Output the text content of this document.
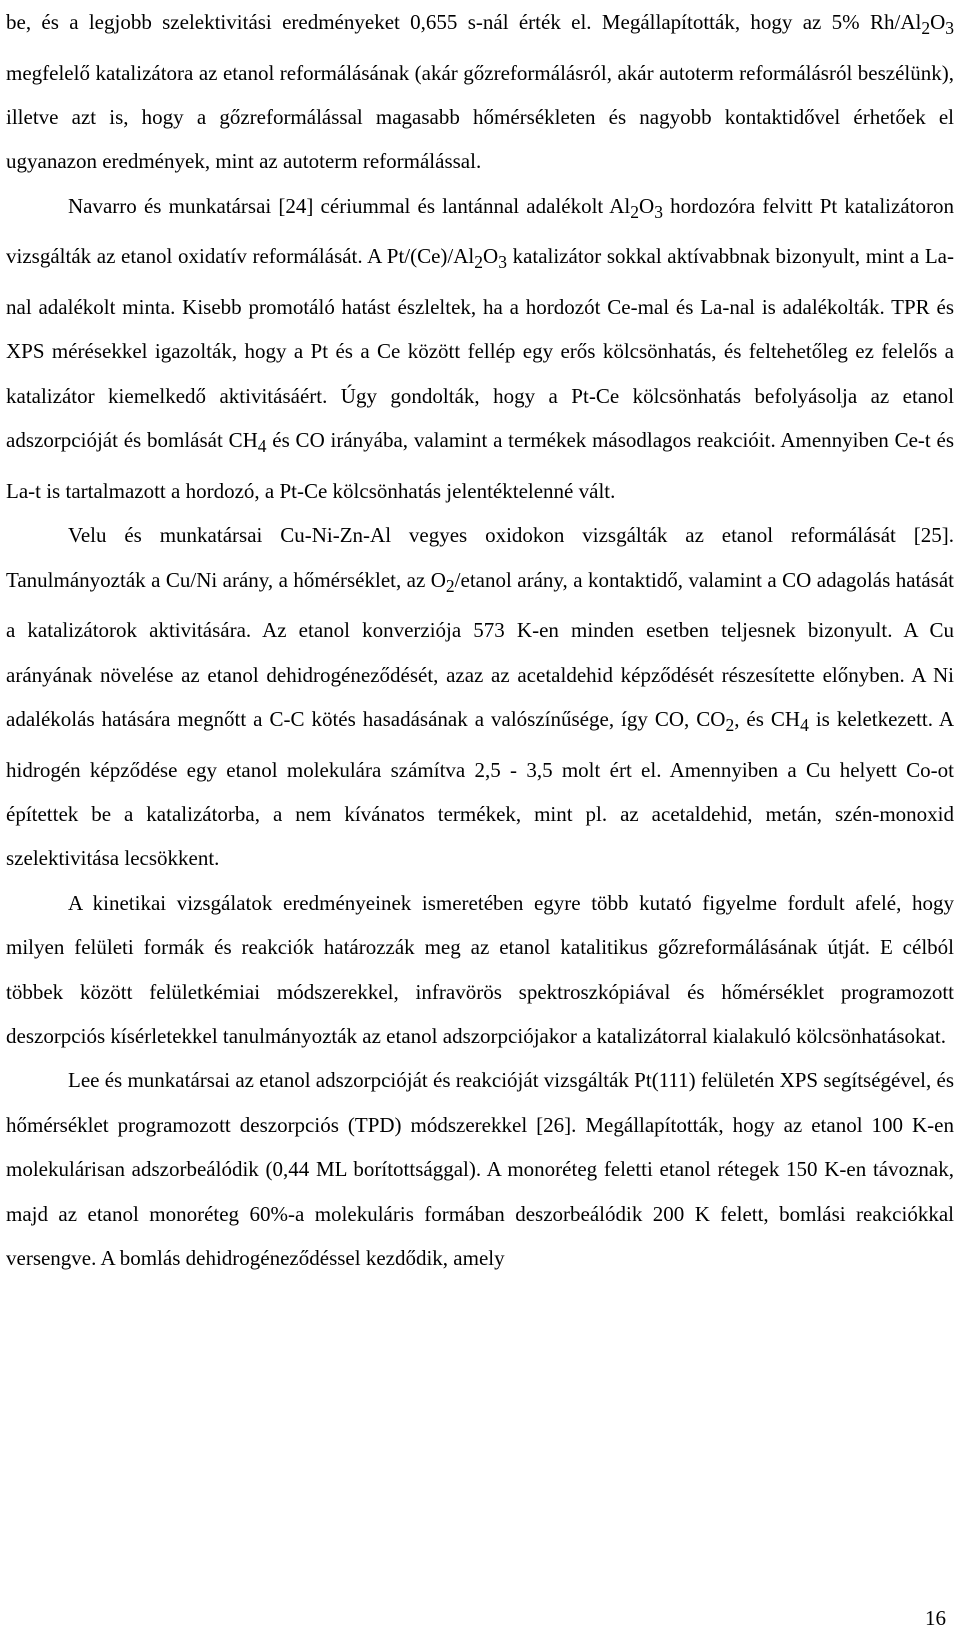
be, és a legjobb szelektivitási eredményeket 0,655 s-nál érték el. Megállapították, hogy az 5% $Rh/Al_2O_3$ megfelelő katalizátora az etanol reformálásának (akár gőzreformálásról, akár autoterm reformálásról beszélünk), illetve azt is, hogy a gőzreformálással magasabb hőmérsékleten és nagyobb kontaktidővel érhetőek el ugyanazon eredmények, mint az autoterm reformálással.

Navarro és munkatársai [24] cériummal és lantánnal adalékolt $Al_2O_3$ hordozóra felvitt Pt katalizátoron vizsgálták az etanol oxidatív reformálását. A $Pt/(Ce)/Al_2O_3$ katalizátor sokkal aktívabbnak bizonyult, mint a La-nal adalékolt minta. Kisebb promotáló hatást észleltek, ha a hordozót Ce-mal és La-nal is adalékolták. TPR és XPS mérésekkel igazolták, hogy a Pt és a Ce között fellép egy erős kölcsönhatás, és feltehetőleg ez felelős a katalizátor kiemelkedő aktivitásáért. Úgy gondolták, hogy a Pt-Ce kölcsönhatás befolyásolja az etanol adszorpcióját és bomlását $CH_4$ és CO irányába, valamint a termékek másodlagos reakcióit. Amennyiben Ce-t és La-t is tartalmazott a hordozó, a Pt-Ce kölcsönhatás jelentéktelenné vált.

Velu és munkatársai Cu-Ni-Zn-Al vegyes oxidokon vizsgálták az etanol reformálását [25]. Tanulmányozták a Cu/Ni arány, a hőmérséklet, az $O_2$/etanol arány, a kontaktidő, valamint a CO adagolás hatását a katalizátorok aktivitására. Az etanol konverziója 573 K-en minden esetben teljesnek bizonyult. A Cu arányának növelése az etanol dehidrogéneződését, azaz az acetaldehid képződését részesítette előnyben. A Ni adalékolás hatására megnőtt a C-C kötés hasadásának a valószínűsége, így CO, $CO_2$, és $CH_4$ is keletkezett. A hidrogén képződése egy etanol molekulára számítva 2,5 - 3,5 molt ért el. Amennyiben a Cu helyett Co-ot építettek be a katalizátorba, a nem kívánatos termékek, mint pl. az acetaldehid, metán, szén-monoxid szelektivitása lecsökkent.

A kinetikai vizsgálatok eredményeinek ismeretében egyre több kutató figyelme fordult afelé, hogy milyen felületi formák és reakciók határozzák meg az etanol katalitikus gőzreformálásának útját. E célból többek között felületkémiai módszerekkel, infravörös spektroszkópiával és hőmérséklet programozott deszorpciós kísérletekkel tanulmányozták az etanol adszorpciójakor a katalizátorral kialakuló kölcsönhatásokat.

Lee és munkatársai az etanol adszorpcióját és reakcióját vizsgálták Pt(111) felületén XPS segítségével, és hőmérséklet programozott deszorpciós (TPD) módszerekkel [26]. Megállapították, hogy az etanol 100 K-en molekulárisan adszorbeálódik (0,44 ML borítottsággal). A monoréteg feletti etanol rétegek 150 K-en távoznak, majd az etanol monoréteg 60%-a molekuláris formában deszorbeálódik 200 K felett, bomlási reakciókkal versengve. A bomlás dehidrogéneződéssel kezdődik, amely

16
